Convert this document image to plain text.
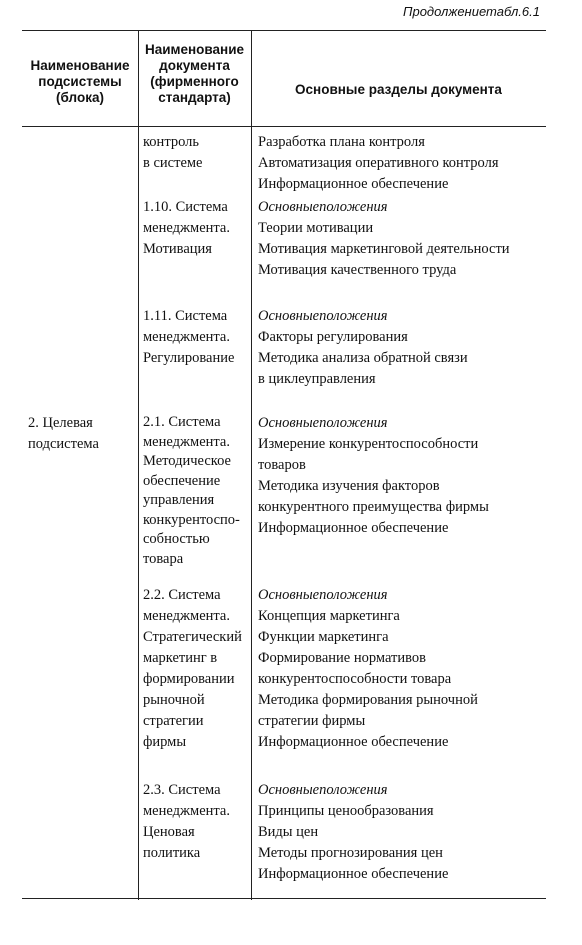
Продолжениетабл.6.1
Наименование
подсистемы
(блока)
Наименование
документа
(фирменного
стандарта)
Основные разделы документа
2. Целевая
подсистема
контроль
в системе
Разработка плана контроля
Автоматизация оперативного контроля
Информационное обеспечение
1.10. Система
менеджмента.
Мотивация
Основныеположения
Теории мотивации
Мотивация маркетинговой деятельности
Мотивация качественного труда
1.11. Система
менеджмента.
Регулирование
Основныеположения
Факторы регулирования
Методика анализа обратной связи
в циклеуправления
2.1. Система
менеджмента.
Методическое
обеспечение
управления
конкурентоспо-
собностью
товара
Основныеположения
Измерение конкурентоспособности
товаров
Методика изучения факторов
конкурентного преимущества фирмы
Информационное обеспечение
2.2. Система
менеджмента.
Стратегический
маркетинг в
формировании
рыночной
стратегии
фирмы
Основныеположения
Концепция маркетинга
Функции маркетинга
Формирование нормативов
конкурентоспособности товара
Методика формирования рыночной
стратегии фирмы
Информационное обеспечение
2.3. Система
менеджмента.
Ценовая
политика
Основныеположения
Принципы ценообразования
Виды цен
Методы прогнозирования цен
Информационное обеспечение
